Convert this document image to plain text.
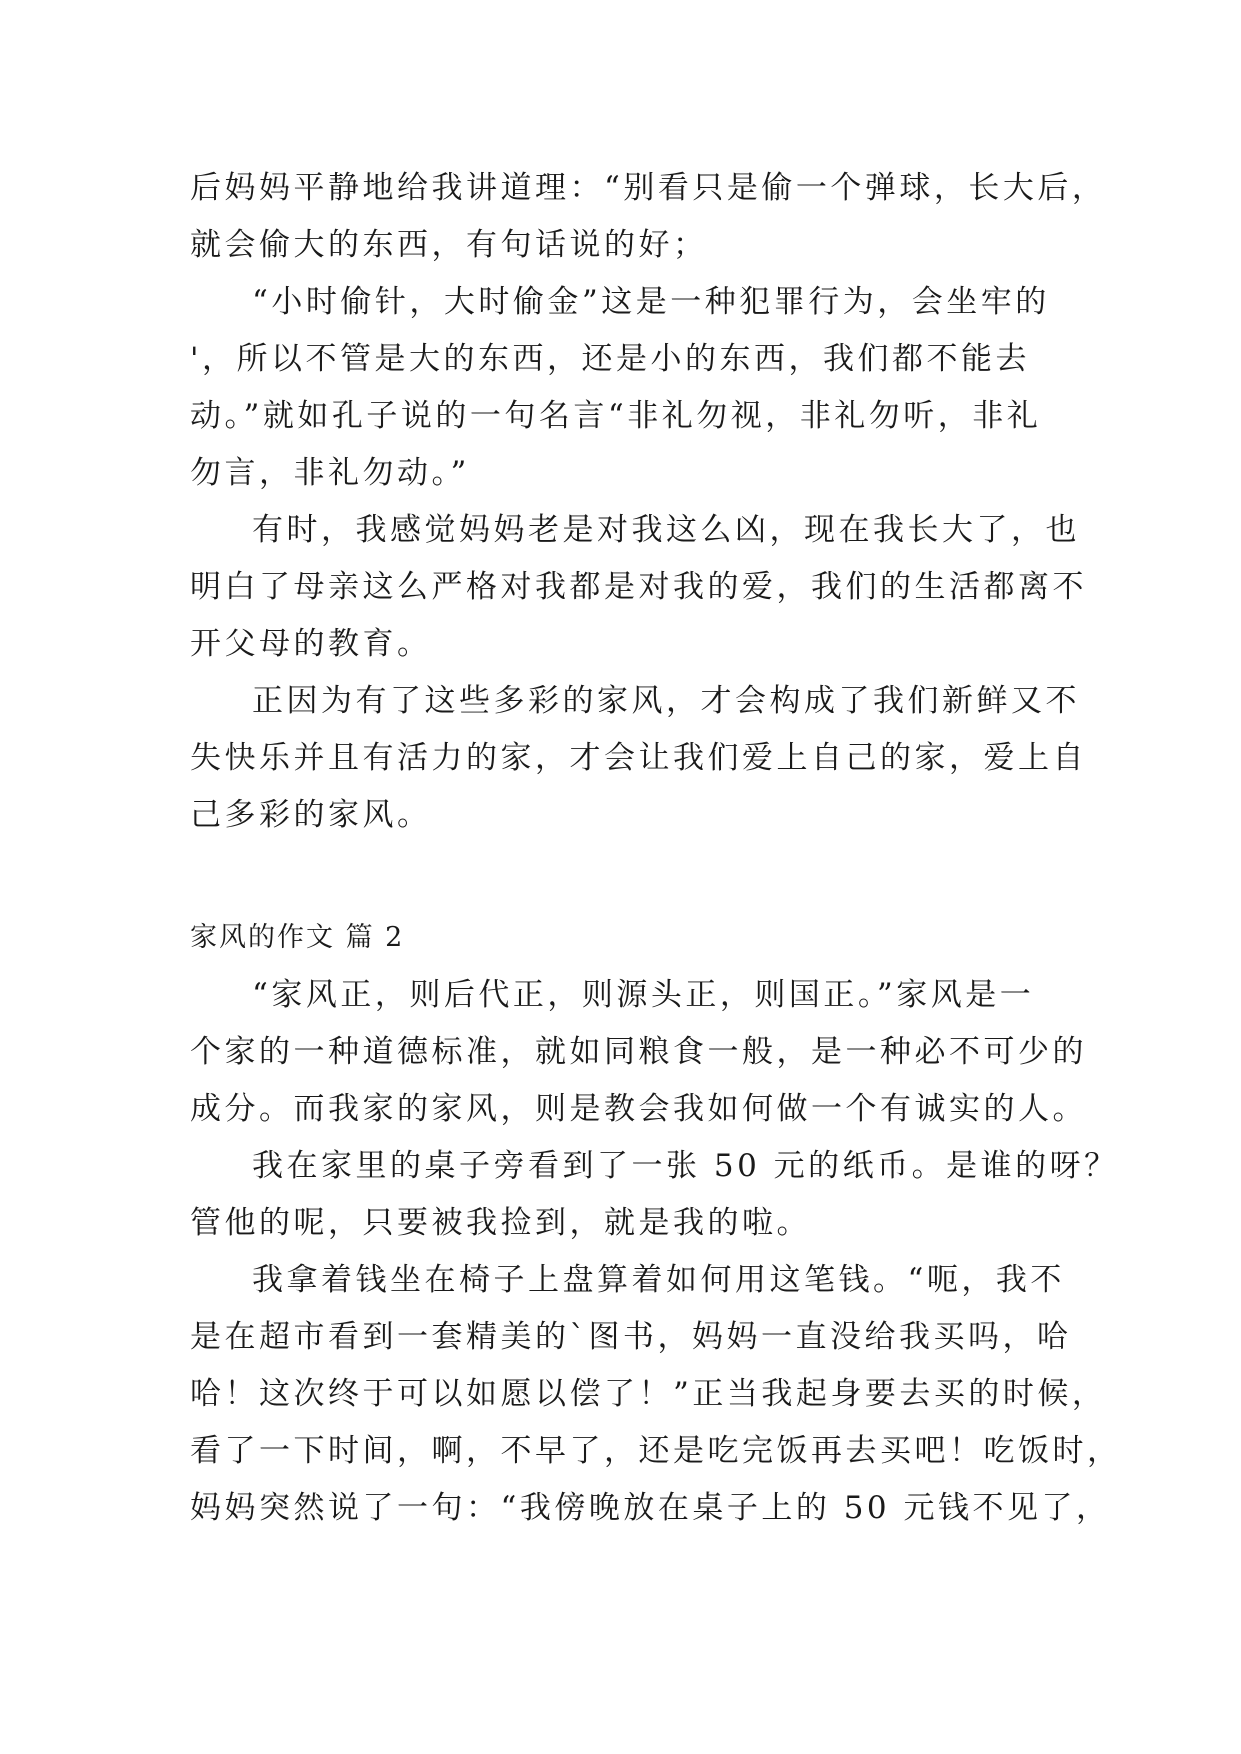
后妈妈平静地给我讲道理：“别看只是偷一个弹球，长大后，
就会偷大的东西，有句话说的好；
“小时偷针，大时偷金”这是一种犯罪行为，会坐牢的
'，所以不管是大的东西，还是小的东西，我们都不能去
动。”就如孔子说的一句名言“非礼勿视，非礼勿听，非礼
勿言，非礼勿动。”
有时，我感觉妈妈老是对我这么凶，现在我长大了，也
明白了母亲这么严格对我都是对我的爱，我们的生活都离不
开父母的教育。
正因为有了这些多彩的家风，才会构成了我们新鲜又不
失快乐并且有活力的家，才会让我们爱上自己的家，爱上自
己多彩的家风。
家风的作文 篇 2
“家风正，则后代正，则源头正，则国正。”家风是一
个家的一种道德标准，就如同粮食一般，是一种必不可少的
成分。而我家的家风，则是教会我如何做一个有诚实的人。
我在家里的桌子旁看到了一张 50 元的纸币。是谁的呀？
管他的呢，只要被我捡到，就是我的啦。
我拿着钱坐在椅子上盘算着如何用这笔钱。“呃，我不
是在超市看到一套精美的`图书，妈妈一直没给我买吗，哈
哈！这次终于可以如愿以偿了！”正当我起身要去买的时候，
看了一下时间，啊，不早了，还是吃完饭再去买吧！吃饭时，
妈妈突然说了一句：“我傍晚放在桌子上的 50 元钱不见了，
